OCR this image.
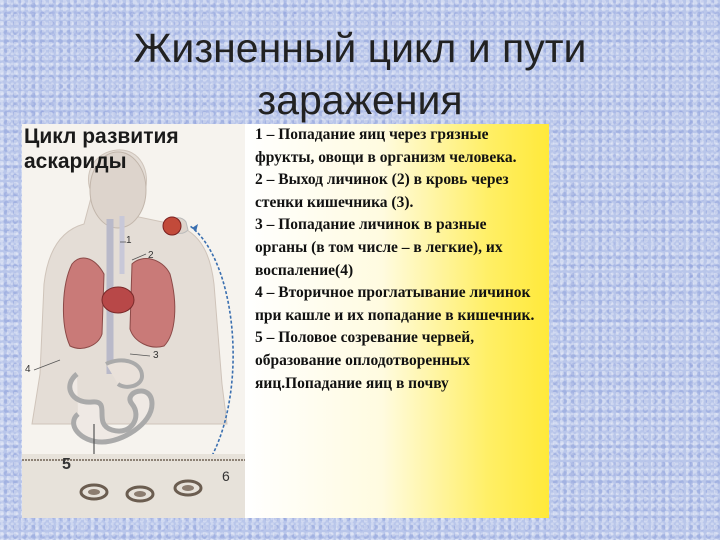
Жизненный цикл и пути
заражения
Цикл развития
аскариды
1
2
3
4
5
6

1 – Попадание яиц через грязные фрукты, овощи в организм человека.

2 – Выход личинок (2) в кровь через стенки кишечника (3).

3 – Попадание личинок в разные органы (в том числе – в легкие), их воспаление(4)

4 – Вторичное проглатывание личинок при кашле и их попадание в кишечник.

5 – Половое созревание червей, образование оплодотворенных яиц.Попадание яиц в почву
